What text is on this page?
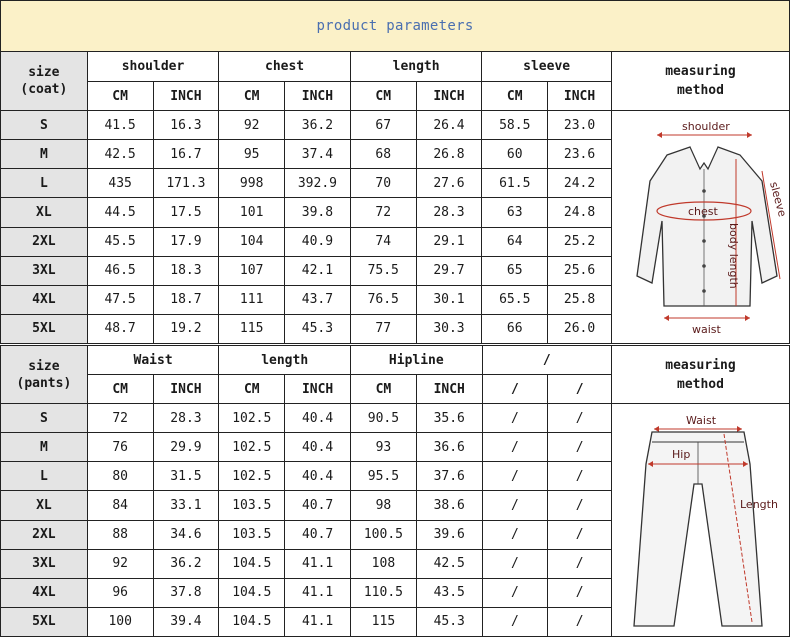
product parameters
size
(coat)	shoulder		chest		length		sleeve		measuring
method
	CM	INCH	CM	INCH	CM	INCH	CM	INCH	
S	41.5	16.3	92	36.2	67	26.4	58.5	23.0	shoulder
chest sleeve
body length
waist

M	42.5	16.7	95	37.4	68	26.8	60	23.6	
L	435	171.3	998	392.9	70	27.6	61.5	24.2	
XL	44.5	17.5	101	39.8	72	28.3	63	24.8	
2XL	45.5	17.9	104	40.9	74	29.1	64	25.2	
3XL	46.5	18.3	107	42.1	75.5	29.7	65	25.6	
4XL	47.5	18.7	111	43.7	76.5	30.1	65.5	25.8	
5XL	48.7	19.2	115	45.3	77	30.3	66	26.0	
size
(pants)	Waist		length		Hipline		/		measuring
method
	CM	INCH	CM	INCH	CM	INCH	/	/	
S	72	28.3	102.5	40.4	90.5	35.6	/	/	Waist
Hip
Length

M	76	29.9	102.5	40.4	93	36.6	/	/	
L	80	31.5	102.5	40.4	95.5	37.6	/	/	
XL	84	33.1	103.5	40.7	98	38.6	/	/	
2XL	88	34.6	103.5	40.7	100.5	39.6	/	/	
3XL	92	36.2	104.5	41.1	108	42.5	/	/	
4XL	96	37.8	104.5	41.1	110.5	43.5	/	/	
5XL	100	39.4	104.5	41.1	115	45.3	/	/	
